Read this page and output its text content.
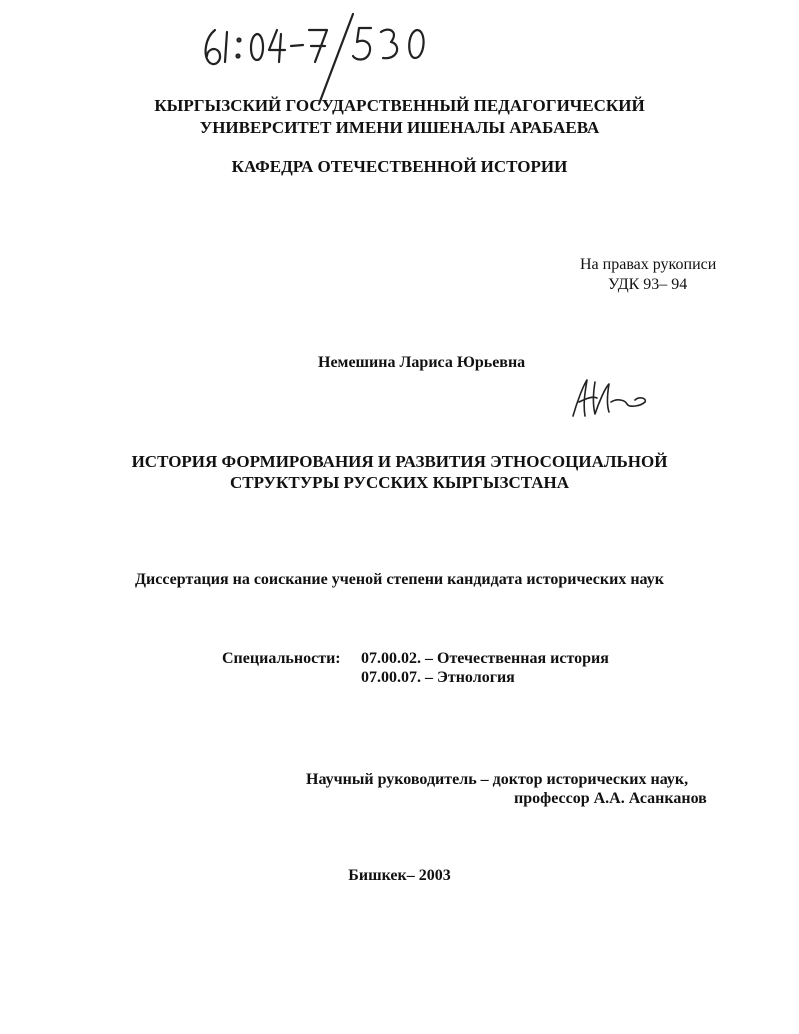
КЫРГЫЗСКИЙ ГОСУДАРСТВЕННЫЙ ПЕДАГОГИЧЕСКИЙ
УНИВЕРСИТЕТ ИМЕНИ ИШЕНАЛЫ АРАБАЕВА
КАФЕДРА ОТЕЧЕСТВЕННОЙ ИСТОРИИ
На правах рукописи
УДК 93– 94
Немешина Лариса Юрьевна
ИСТОРИЯ ФОРМИРОВАНИЯ И РАЗВИТИЯ ЭТНОСОЦИАЛЬНОЙ
СТРУКТУРЫ РУССКИХ КЫРГЫЗСТАНА
Диссертация на соискание ученой степени кандидата исторических наук
Специальности: 07.00.02. – Отечественная история
07.00.07. – Этнология
Научный руководитель – доктор исторических наук,
профессор А.А. Асанканов
Бишкек– 2003
